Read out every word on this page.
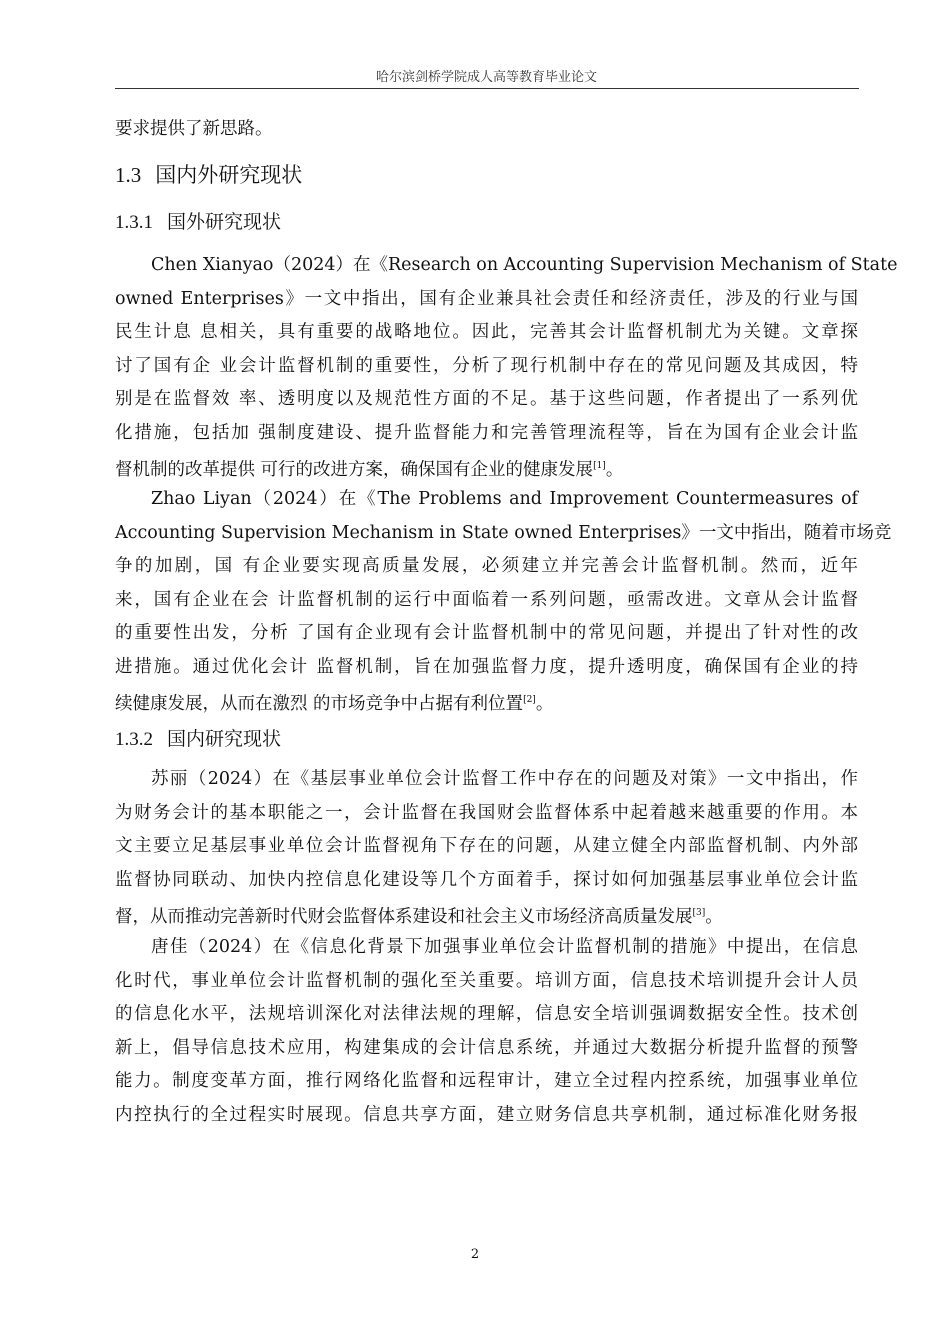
哈尔滨剑桥学院成人高等教育毕业论文
要求提供了新思路。
1.3 国内外研究现状
1.3.1 国外研究现状
Chen Xianyao（2024）在《Research on Accounting Supervision Mechanism of State
owned Enterprises》一文中指出，国有企业兼具社会责任和经济责任，涉及的行业与国
民生计息 息相关，具有重要的战略地位。因此，完善其会计监督机制尤为关键。文章探
讨了国有企 业会计监督机制的重要性，分析了现行机制中存在的常见问题及其成因，特
别是在监督效 率、透明度以及规范性方面的不足。基于这些问题，作者提出了一系列优
化措施，包括加 强制度建设、提升监督能力和完善管理流程等，旨在为国有企业会计监
督机制的改革提供 可行的改进方案，确保国有企业的健康发展[1]。
Zhao Liyan（2024）在《The Problems and Improvement Countermeasures of
Accounting Supervision Mechanism in State owned Enterprises》一文中指出，随着市场竞
争的加剧，国 有企业要实现高质量发展，必须建立并完善会计监督机制。然而，近年
来，国有企业在会 计监督机制的运行中面临着一系列问题，亟需改进。文章从会计监督
的重要性出发，分析 了国有企业现有会计监督机制中的常见问题，并提出了针对性的改
进措施。通过优化会计 监督机制，旨在加强监督力度，提升透明度，确保国有企业的持
续健康发展，从而在激烈 的市场竞争中占据有利位置[2]。
1.3.2 国内研究现状
苏丽（2024）在《基层事业单位会计监督工作中存在的问题及对策》一文中指出，作
为财务会计的基本职能之一，会计监督在我国财会监督体系中起着越来越重要的作用。本
文主要立足基层事业单位会计监督视角下存在的问题，从建立健全内部监督机制、内外部
监督协同联动、加快内控信息化建设等几个方面着手，探讨如何加强基层事业单位会计监
督，从而推动完善新时代财会监督体系建设和社会主义市场经济高质量发展[3]。
唐佳（2024）在《信息化背景下加强事业单位会计监督机制的措施》中提出，在信息
化时代，事业单位会计监督机制的强化至关重要。培训方面，信息技术培训提升会计人员
的信息化水平，法规培训深化对法律法规的理解，信息安全培训强调数据安全性。技术创
新上，倡导信息技术应用，构建集成的会计信息系统，并通过大数据分析提升监督的预警
能力。制度变革方面，推行网络化监督和远程审计，建立全过程内控系统，加强事业单位
内控执行的全过程实时展现。信息共享方面，建立财务信息共享机制，通过标准化财务报
2
